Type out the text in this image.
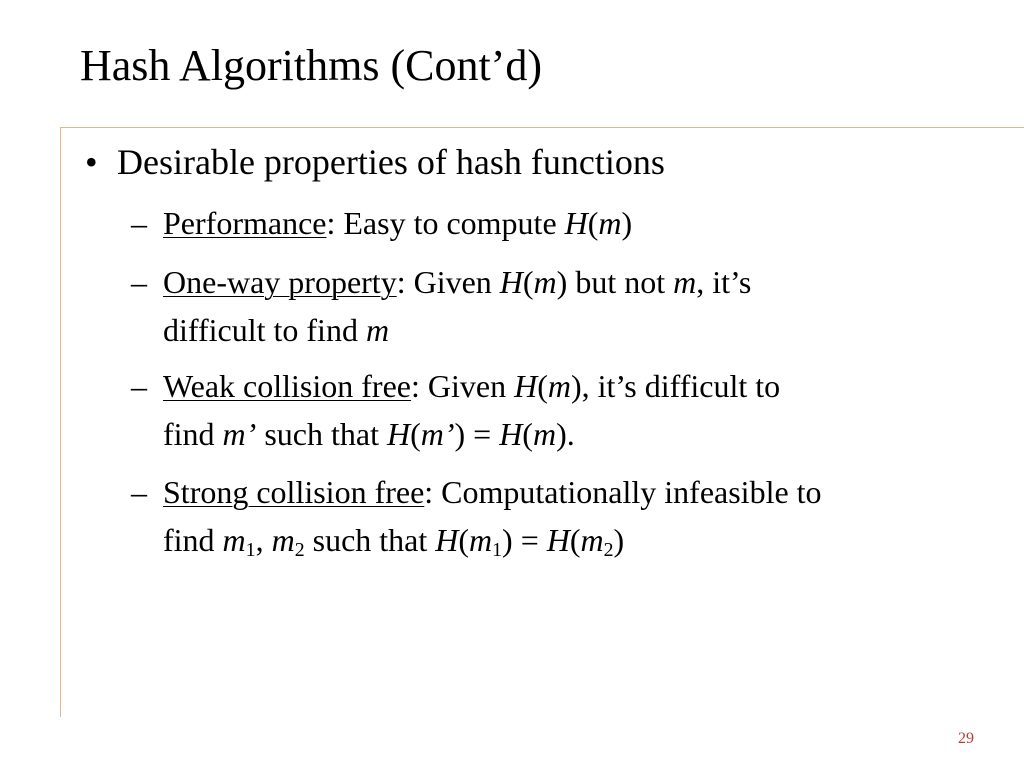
Hash Algorithms (Cont’d)
• Desirable properties of hash functions
– Performance: Easy to compute H(m)
– One-way property: Given H(m) but not m, it’s
difficult to find m
– Weak collision free: Given H(m), it’s difficult to
find m’ such that H(m’) = H(m).
– Strong collision free: Computationally infeasible to
find $m_1$, $m_2$ such that $H(m_1) = H(m_2)$
29
